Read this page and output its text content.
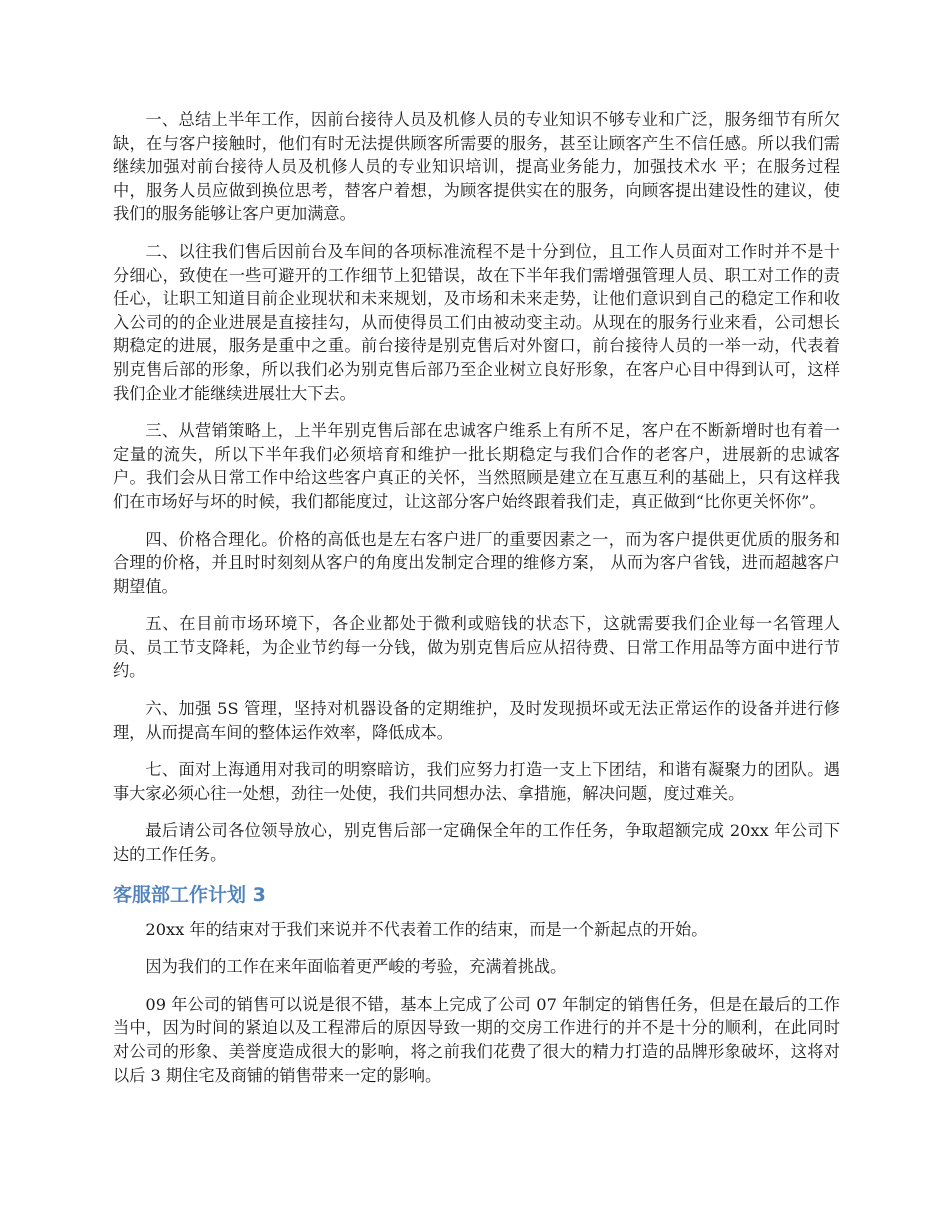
一、总结上半年工作，因前台接待人员及机修人员的专业知识不够专业和广泛，服务细节有所欠缺，在与客户接触时，他们有时无法提供顾客所需要的服务，甚至让顾客产生不信任感。所以我们需继续加强对前台接待人员及机修人员的专业知识培训，提高业务能力，加强技术水 平；在服务过程中，服务人员应做到换位思考，替客户着想，为顾客提供实在的服务，向顾客提出建设性的建议，使我们的服务能够让客户更加满意。

二、以往我们售后因前台及车间的各项标准流程不是十分到位，且工作人员面对工作时并不是十分细心，致使在一些可避开的工作细节上犯错误，故在下半年我们需增强管理人员、职工对工作的责任心，让职工知道目前企业现状和未来规划，及市场和未来走势，让他们意识到自己的稳定工作和收入公司的的企业进展是直接挂勾，从而使得员工们由被动变主动。从现在的服务行业来看，公司想长期稳定的进展，服务是重中之重。前台接待是别克售后对外窗口，前台接待人员的一举一动，代表着别克售后部的形象，所以我们必为别克售后部乃至企业树立良好形象，在客户心目中得到认可，这样我们企业才能继续进展壮大下去。

三、从营销策略上，上半年别克售后部在忠诚客户维系上有所不足，客户在不断新增时也有着一定量的流失，所以下半年我们必须培育和维护一批长期稳定与我们合作的老客户，进展新的忠诚客户。我们会从日常工作中给这些客户真正的关怀，当然照顾是建立在互惠互利的基础上，只有这样我们在市场好与坏的时候，我们都能度过，让这部分客户始终跟着我们走，真正做到“比你更关怀你”。

四、价格合理化。价格的高低也是左右客户进厂的重要因素之一，而为客户提供更优质的服务和合理的价格，并且时时刻刻从客户的角度出发制定合理的维修方案， 从而为客户省钱，进而超越客户期望值。

五、在目前市场环境下，各企业都处于微利或赔钱的状态下，这就需要我们企业每一名管理人员、员工节支降耗，为企业节约每一分钱，做为别克售后应从招待费、日常工作用品等方面中进行节约。

六、加强 5S 管理，坚持对机器设备的定期维护，及时发现损坏或无法正常运作的设备并进行修理，从而提高车间的整体运作效率，降低成本。

七、面对上海通用对我司的明察暗访，我们应努力打造一支上下团结，和谐有凝聚力的团队。遇事大家必须心往一处想，劲往一处使，我们共同想办法、拿措施，解决问题，度过难关。

最后请公司各位领导放心，别克售后部一定确保全年的工作任务，争取超额完成 20xx 年公司下达的工作任务。

客服部工作计划 3

20xx 年的结束对于我们来说并不代表着工作的结束，而是一个新起点的开始。

因为我们的工作在来年面临着更严峻的考验，充满着挑战。

09 年公司的销售可以说是很不错，基本上完成了公司 07 年制定的销售任务，但是在最后的工作当中，因为时间的紧迫以及工程滞后的原因导致一期的交房工作进行的并不是十分的顺利，在此同时对公司的形象、美誉度造成很大的影响，将之前我们花费了很大的精力打造的品牌形象破坏，这将对以后 3 期住宅及商铺的销售带来一定的影响。
